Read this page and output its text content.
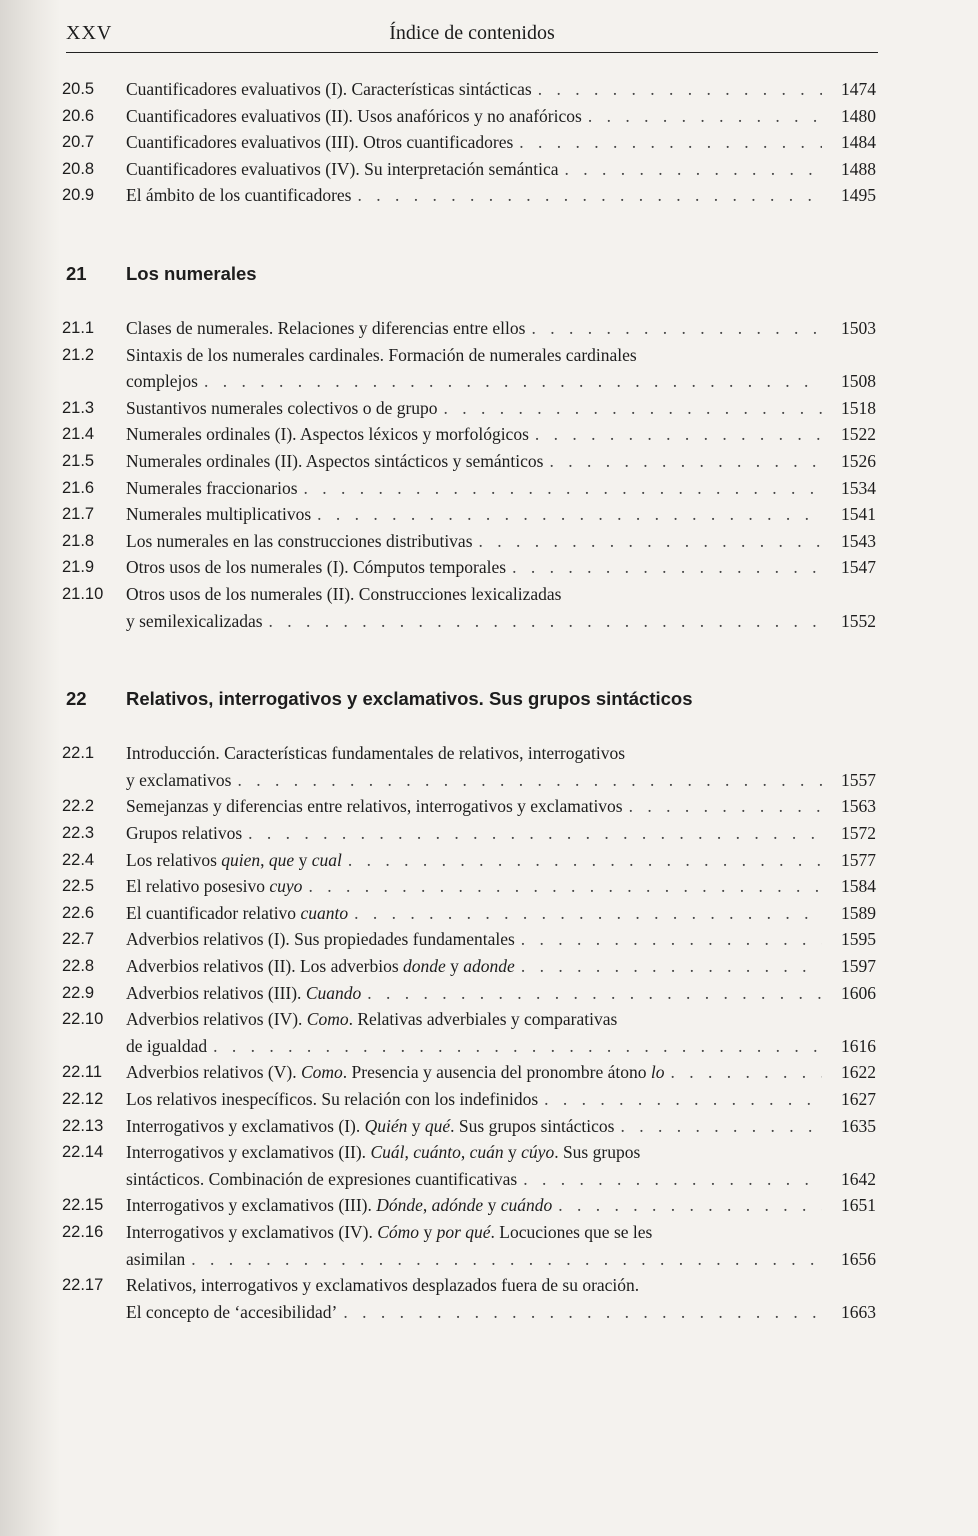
XXV	Índice de contenidos
20.5 Cuantificadores evaluativos (I). Características sintácticas . . .	1474
20.6 Cuantificadores evaluativos (II). Usos anafóricos y no anafóricos . . .	1480
20.7 Cuantificadores evaluativos (III). Otros cuantificadores . . .	1484
20.8 Cuantificadores evaluativos (IV). Su interpretación semántica . . .	1488
20.9 El ámbito de los cuantificadores . . .	1495
21 Los numerales
21.1 Clases de numerales. Relaciones y diferencias entre ellos . . .	1503
21.2 Sintaxis de los numerales cardinales. Formación de numerales cardinales
complejos . . .	1508
21.3 Sustantivos numerales colectivos o de grupo . . .	1518
21.4 Numerales ordinales (I). Aspectos léxicos y morfológicos . . .	1522
21.5 Numerales ordinales (II). Aspectos sintácticos y semánticos . . .	1526
21.6 Numerales fraccionarios . . .	1534
21.7 Numerales multiplicativos . . .	1541
21.8 Los numerales en las construcciones distributivas . . .	1543
21.9 Otros usos de los numerales (I). Cómputos temporales . . .	1547
21.10 Otros usos de los numerales (II). Construcciones lexicalizadas
y semilexicalizadas . . .	1552
22 Relativos, interrogativos y exclamativos. Sus grupos sintácticos
22.1 Introducción. Características fundamentales de relativos, interrogativos
y exclamativos . . .	1557
22.2 Semejanzas y diferencias entre relativos, interrogativos y exclamativos . . .	1563
22.3 Grupos relativos . . .	1572
22.4 Los relativos quien, que y cual . . .	1577
22.5 El relativo posesivo cuyo . . .	1584
22.6 El cuantificador relativo cuanto . . .	1589
22.7 Adverbios relativos (I). Sus propiedades fundamentales . . .	1595
22.8 Adverbios relativos (II). Los adverbios donde y adonde . . .	1597
22.9 Adverbios relativos (III). Cuando . . .	1606
22.10 Adverbios relativos (IV). Como. Relativas adverbiales y comparativas
de igualdad . . .	1616
22.11 Adverbios relativos (V). Como. Presencia y ausencia del pronombre átono lo . . .	1622
22.12 Los relativos inespecíficos. Su relación con los indefinidos . . .	1627
22.13 Interrogativos y exclamativos (I). Quién y qué. Sus grupos sintácticos . . .	1635
22.14 Interrogativos y exclamativos (II). Cuál, cuánto, cuán y cúyo. Sus grupos
sintácticos. Combinación de expresiones cuantificativas . . .	1642
22.15 Interrogativos y exclamativos (III). Dónde, adónde y cuándo . . .	1651
22.16 Interrogativos y exclamativos (IV). Cómo y por qué. Locuciones que se les
asimilan . . .	1656
22.17 Relativos, interrogativos y exclamativos desplazados fuera de su oración.
El concepto de ‘accesibilidad’ . . .	1663
